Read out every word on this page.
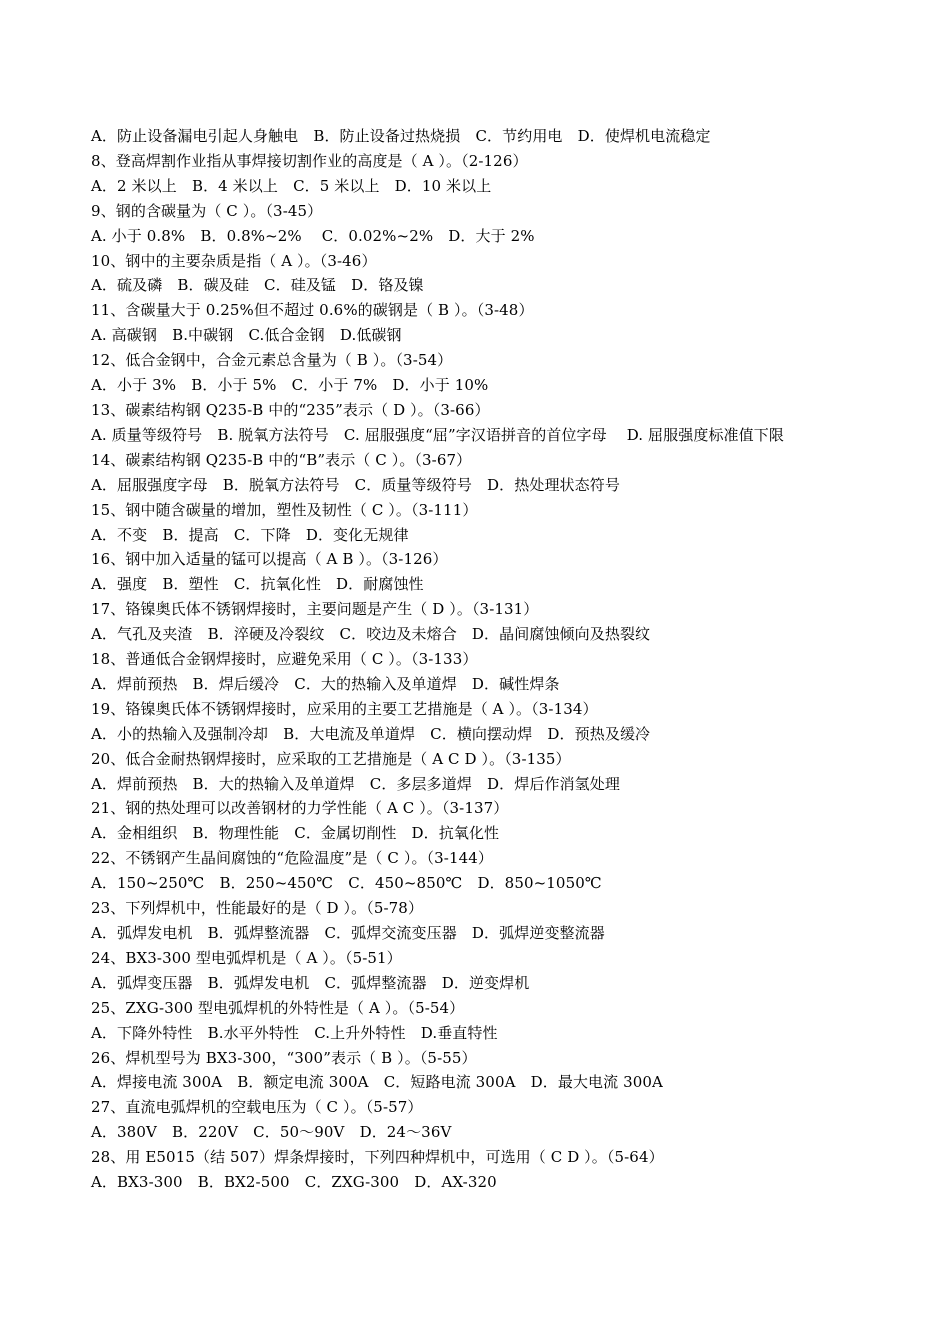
A．防止设备漏电引起人身触电　B．防止设备过热烧损　C．节约用电　D．使焊机电流稳定

8、登高焊割作业指从事焊接切割作业的高度是（ A ）。（2-126）

A．2 米以上　B．4 米以上　C．5 米以上　D．10 米以上

9、钢的含碳量为（ C ）。（3-45）

A. 小于 0.8%　B．0.8%~2%　 C．0.02%~2%　D．大于 2%

10、钢中的主要杂质是指（ A ）。（3-46）

A．硫及磷　B．碳及硅　C．硅及锰　D．铬及镍

11、含碳量大于 0.25%但不超过 0.6%的碳钢是（ B ）。（3-48）

A. 高碳钢　B.中碳钢　C.低合金钢　D.低碳钢

12、低合金钢中，合金元素总含量为（ B ）。（3-54）

A．小于 3%　B．小于 5%　C．小于 7%　D．小于 10%

13、碳素结构钢 Q235-B 中的“235”表示（ D ）。（3-66）

A. 质量等级符号　B. 脱氧方法符号　C. 屈服强度“屈”字汉语拼音的首位字母　 D. 屈服强度标准值下限

14、碳素结构钢 Q235-B 中的“B”表示（ C ）。（3-67）

A．屈服强度字母　B．脱氧方法符号　C．质量等级符号　D．热处理状态符号

15、钢中随含碳量的增加，塑性及韧性（ C ）。（3-111）

A．不变　B．提高　C．下降　D．变化无规律

16、钢中加入适量的锰可以提高（ A B ）。（3-126）

A．强度　B．塑性　C．抗氧化性　D．耐腐蚀性

17、铬镍奥氏体不锈钢焊接时，主要问题是产生（ D ）。（3-131）

A．气孔及夹渣　B．淬硬及冷裂纹　C．咬边及未熔合　D．晶间腐蚀倾向及热裂纹

18、普通低合金钢焊接时，应避免采用（ C ）。（3-133）

A．焊前预热　B．焊后缓冷　C．大的热输入及单道焊　D．碱性焊条

19、铬镍奥氏体不锈钢焊接时，应采用的主要工艺措施是（ A ）。（3-134）

A．小的热输入及强制冷却　B．大电流及单道焊　C．横向摆动焊　D．预热及缓冷

20、低合金耐热钢焊接时，应采取的工艺措施是（ A C D ）。（3-135）

A．焊前预热　B．大的热输入及单道焊　C．多层多道焊　D．焊后作消氢处理

21、钢的热处理可以改善钢材的力学性能（ A C ）。（3-137）

A．金相组织　B．物理性能　C．金属切削性　D．抗氧化性

22、不锈钢产生晶间腐蚀的“危险温度”是（ C ）。（3-144）

A．150~250℃　B．250~450℃　C．450~850℃　D．850~1050℃

23、下列焊机中，性能最好的是（ D ）。（5-78）

A．弧焊发电机　B．弧焊整流器　C．弧焊交流变压器　D．弧焊逆变整流器

24、BX3-300 型电弧焊机是（ A ）。（5-51）

A．弧焊变压器　B．弧焊发电机　C．弧焊整流器　D．逆变焊机

25、ZXG-300 型电弧焊机的外特性是（ A ）。（5-54）

A．下降外特性　B.水平外特性　C.上升外特性　D.垂直特性

26、焊机型号为 BX3-300，“300”表示（ B ）。（5-55）

A．焊接电流 300A　B．额定电流 300A　C．短路电流 300A　D．最大电流 300A

27、直流电弧焊机的空载电压为（ C ）。（5-57）

A．380V　B．220V　C．50～90V　D．24～36V

28、用 E5015（结 507）焊条焊接时，下列四种焊机中，可选用（ C D ）。（5-64）

A．BX3-300　B．BX2-500　C．ZXG-300　D．AX-320
